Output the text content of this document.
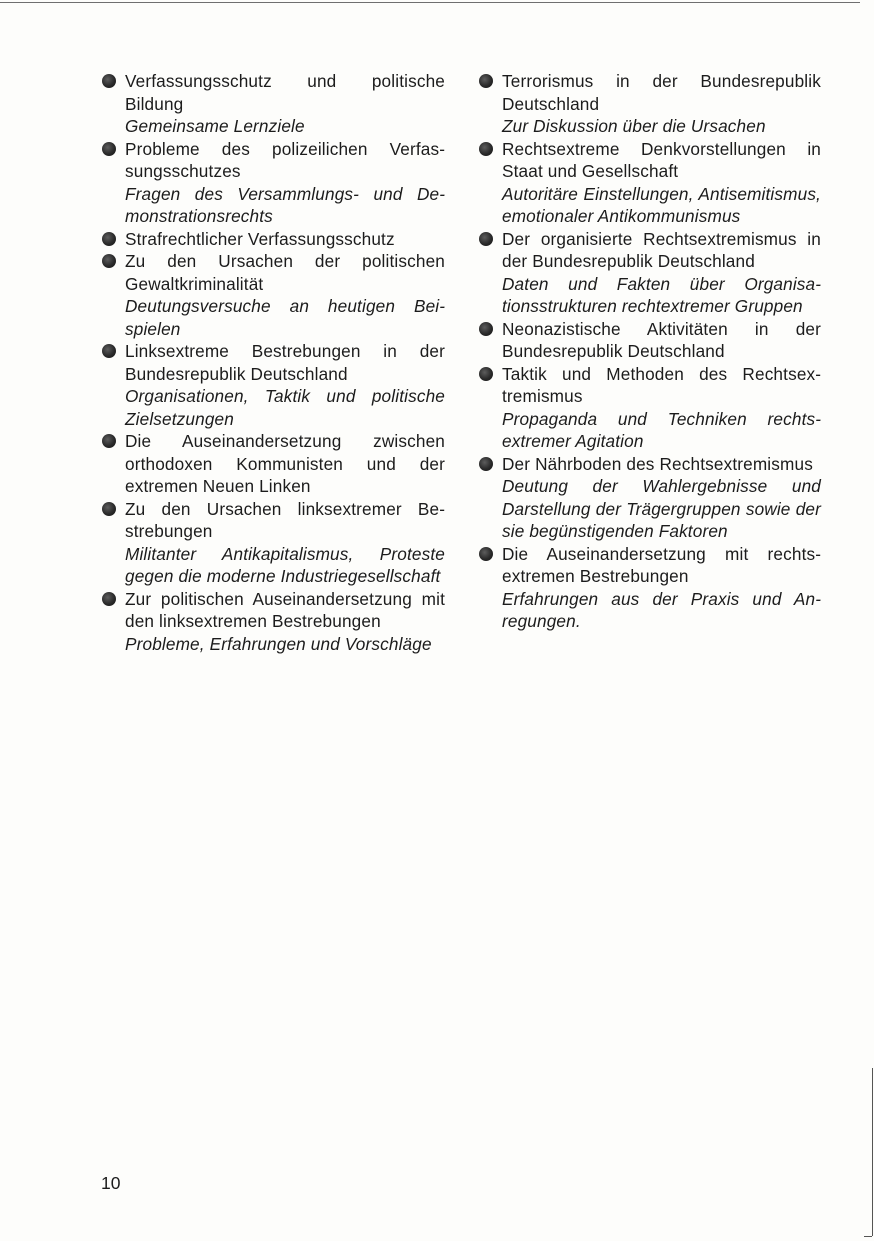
Verfassungsschutz und politische Bildung
Gemeinsame Lernziele
Probleme des polizeilichen Verfassungsschutzes
Fragen des Versammlungs- und Demonstrationsrechts
Strafrechtlicher Verfassungsschutz
Zu den Ursachen der politischen Gewaltkriminalität
Deutungsversuche an heutigen Beispielen
Linksextreme Bestrebungen in der Bundesrepublik Deutschland
Organisationen, Taktik und politische Zielsetzungen
Die Auseinandersetzung zwischen orthodoxen Kommunisten und der extremen Neuen Linken
Zu den Ursachen linksextremer Bestrebungen
Militanter Antikapitalismus, Proteste gegen die moderne Industriegesellschaft
Zur politischen Auseinandersetzung mit den linksextremen Bestrebungen
Probleme, Erfahrungen und Vorschläge
Terrorismus in der Bundesrepublik Deutschland
Zur Diskussion über die Ursachen
Rechtsextreme Denkvorstellungen in Staat und Gesellschaft
Autoritäre Einstellungen, Antisemitismus, emotionaler Antikommunismus
Der organisierte Rechtsextremismus in der Bundesrepublik Deutschland
Daten und Fakten über Organisationsstrukturen rechtextremer Gruppen
Neonazistische Aktivitäten in der Bundesrepublik Deutschland
Taktik und Methoden des Rechtsextremismus
Propaganda und Techniken rechtsextremer Agitation
Der Nährboden des Rechtsextremismus
Deutung der Wahlergebnisse und Darstellung der Trägergruppen sowie der sie begünstigenden Faktoren
Die Auseinandersetzung mit rechtsextremen Bestrebungen
Erfahrungen aus der Praxis und Anregungen.
10
